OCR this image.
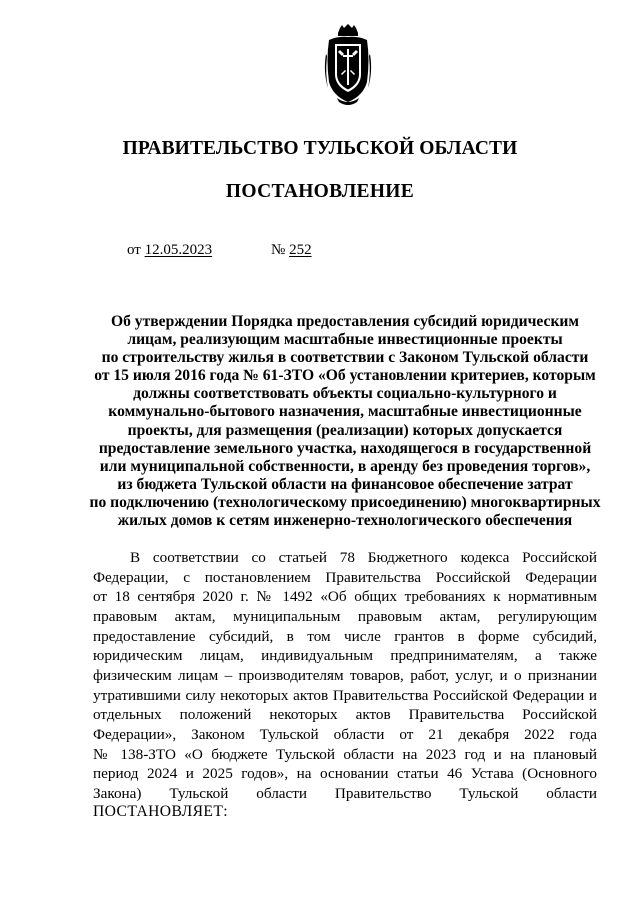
ПРАВИТЕЛЬСТВО ТУЛЬСКОЙ ОБЛАСТИ
ПОСТАНОВЛЕНИЕ
от 12.05.2023	№ 252
Об утверждении Порядка предоставления субсидий юридическим
лицам, реализующим масштабные инвестиционные проекты
по строительству жилья в соответствии с Законом Тульской области
от 15 июля 2016 года № 61-ЗТО «Об установлении критериев, которым
должны соответствовать объекты социально-культурного и
коммунально-бытового назначения, масштабные инвестиционные
проекты, для размещения (реализации) которых допускается
предоставление земельного участка, находящегося в государственной
или муниципальной собственности, в аренду без проведения торгов»,
из бюджета Тульской области на финансовое обеспечение затрат
по подключению (технологическому присоединению) многоквартирных
жилых домов к сетям инженерно-технологического обеспечения
В соответствии со статьей 78 Бюджетного кодекса Российской
Федерации, с постановлением Правительства Российской Федерации
от 18 сентября 2020 г. № 1492 «Об общих требованиях к нормативным
правовым актам, муниципальным правовым актам, регулирующим
предоставление субсидий, в том числе грантов в форме субсидий,
юридическим лицам, индивидуальным предпринимателям, а также
физическим лицам – производителям товаров, работ, услуг, и о признании
утратившими силу некоторых актов Правительства Российской Федерации и
отдельных положений некоторых актов Правительства Российской
Федерации», Законом Тульской области от 21 декабря 2022 года
№ 138-ЗТО «О бюджете Тульской области на 2023 год и на плановый
период 2024 и 2025 годов», на основании статьи 46 Устава (Основного
Закона) Тульской области Правительство Тульской области
ПОСТАНОВЛЯЕТ:
